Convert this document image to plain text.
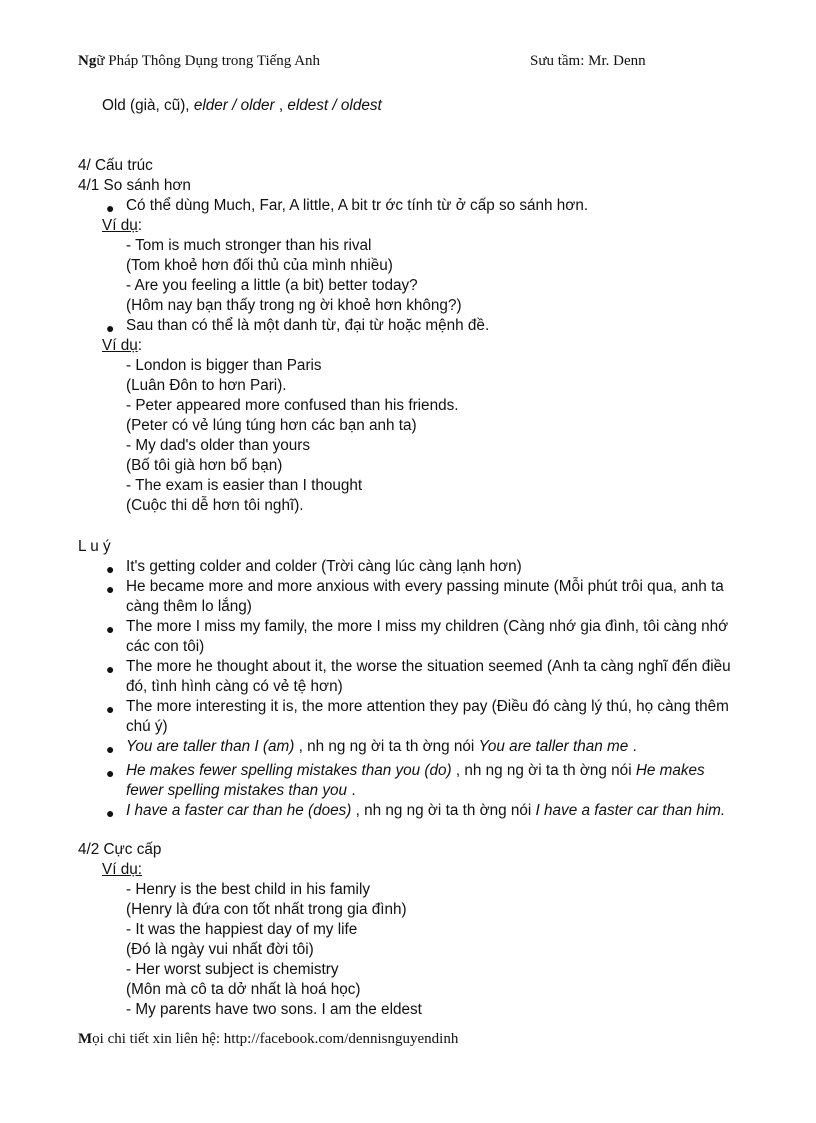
Ngữ Pháp Thông Dụng trong Tiếng Anh	Sưu tầm: Mr. Denn
Old (già, cũ), elder / older , eldest / oldest
4/ Cấu trúc
4/1 So sánh hơn
● Có thể dùng Much, Far, A little, A bit tr ớc tính từ ở cấp so sánh hơn.
Ví dụ:
- Tom is much stronger than his rival
(Tom khoẻ hơn đối thủ của mình nhiều)
- Are you feeling a little (a bit) better today?
(Hôm nay bạn thấy trong ng ời khoẻ hơn không?)
● Sau than có thể là một danh từ, đại từ hoặc mệnh đề.
Ví dụ:
- London is bigger than Paris
(Luân Đôn to hơn Pari).
- Peter appeared more confused than his friends.
(Peter có vẻ lúng túng hơn các bạn anh ta)
- My dad's older than yours
(Bố tôi già hơn bố bạn)
- The exam is easier than I thought
(Cuộc thi dễ hơn tôi nghĩ).
L u ý
● It's getting colder and colder (Trời càng lúc càng lạnh hơn)
● He became more and more anxious with every passing minute (Mỗi phút trôi qua, anh ta
càng thêm lo lắng)
● The more I miss my family, the more I miss my children (Càng nhớ gia đình, tôi càng nhớ
các con tôi)
● The more he thought about it, the worse the situation seemed (Anh ta càng nghĩ đến điều
đó, tình hình càng có vẻ tệ hơn)
● The more interesting it is, the more attention they pay (Điều đó càng lý thú, họ càng thêm
chú ý)
● You are taller than I (am) , nh ng ng ời ta th ờng nói You are taller than me .
● He makes fewer spelling mistakes than you (do) , nh ng ng ời ta th ờng nói He makes
fewer spelling mistakes than you .
● I have a faster car than he (does) , nh ng ng ời ta th ờng nói I have a faster car than him.
4/2 Cực cấp
Ví dụ:
- Henry is the best child in his family
(Henry là đứa con tốt nhất trong gia đình)
- It was the happiest day of my life
(Đó là ngày vui nhất đời tôi)
- Her worst subject is chemistry
(Môn mà cô ta dở nhất là hoá học)
- My parents have two sons. I am the eldest
Mọi chi tiết xin liên hệ: http://facebook.com/dennisnguyendinh
